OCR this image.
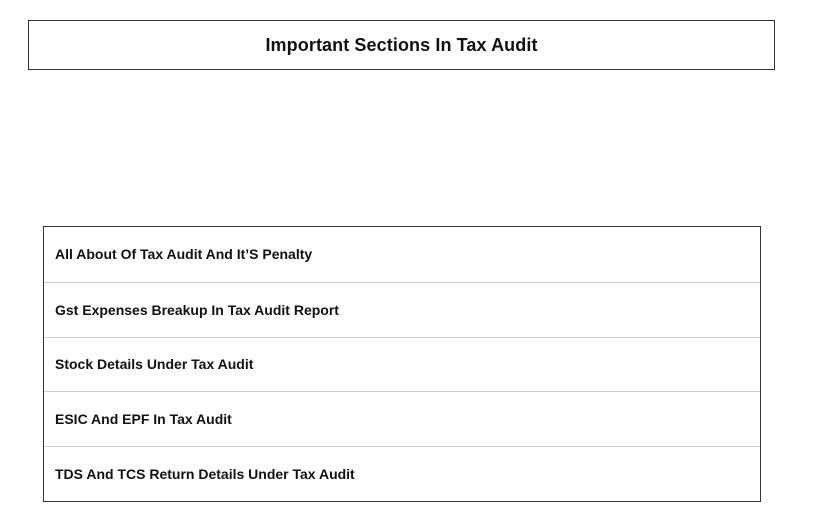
Important Sections In Tax Audit
All About Of Tax Audit And It’S Penalty
Gst Expenses Breakup In Tax Audit Report
Stock Details Under Tax Audit
ESIC And EPF In Tax Audit
TDS And TCS Return Details Under Tax Audit
